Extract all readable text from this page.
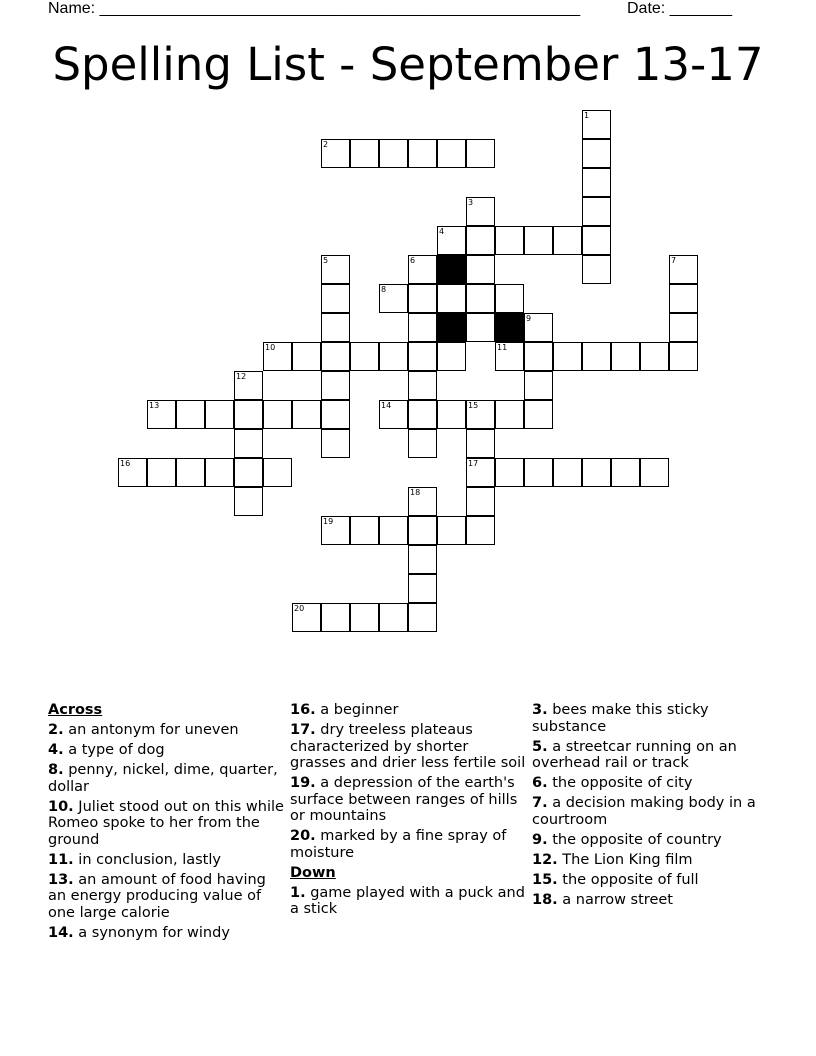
Name: ______________________________________________________	Date: _______
Spelling List - September 13-17
1
2
3
4
5	6	7
8
9
10	11
12
13	14	15
16	17
18
19
20
Across
2. an antonym for uneven
4. a type of dog
8. penny, nickel, dime, quarter, dollar
10. Juliet stood out on this while Romeo spoke to her from the ground
11. in conclusion, lastly
13. an amount of food having an energy producing value of one large calorie
14. a synonym for windy
16. a beginner
17. dry treeless plateaus characterized by shorter grasses and drier less fertile soil
19. a depression of the earth's surface between ranges of hills or mountains
20. marked by a fine spray of moisture
Down
1. game played with a puck and a stick
3. bees make this sticky substance
5. a streetcar running on an overhead rail or track
6. the opposite of city
7. a decision making body in a courtroom
9. the opposite of country
12. The Lion King film
15. the opposite of full
18. a narrow street
